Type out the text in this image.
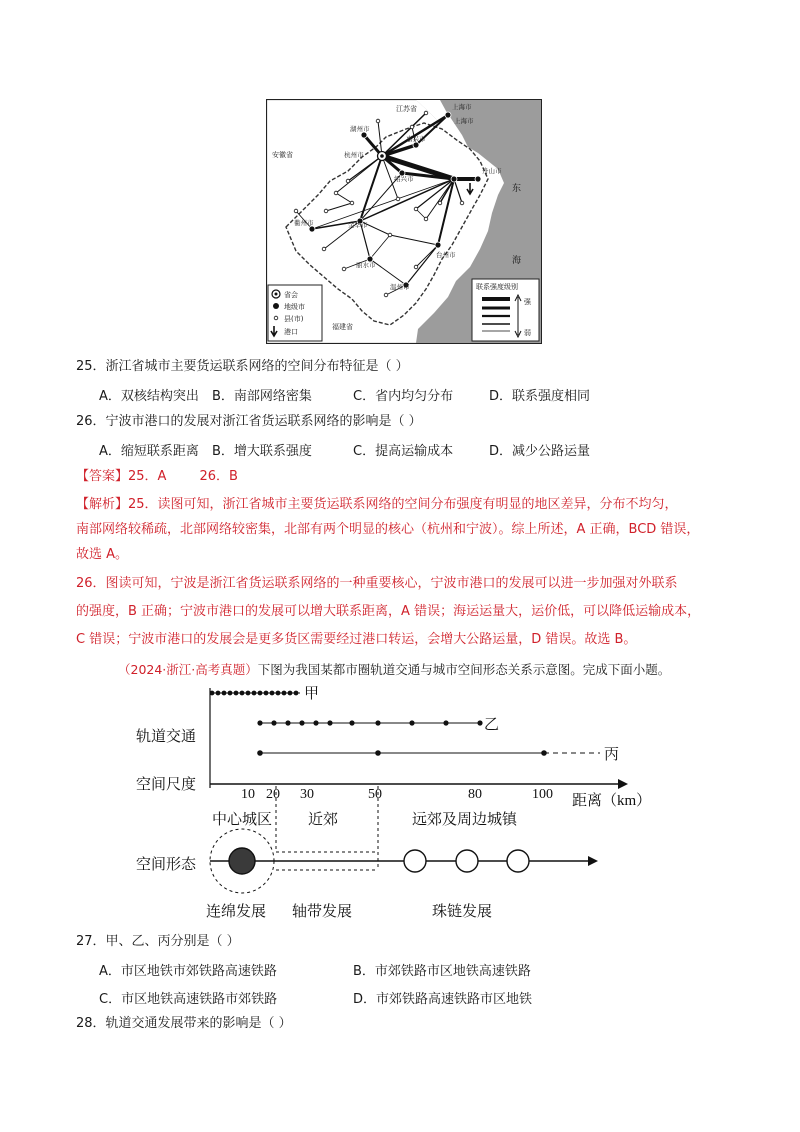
江苏省	上海市
上海市
安徽省
湖州市
嘉兴市
杭州市
绍兴市
舟山市
衢州市	金华市
台州市
丽水市
温州市
福建省
东
海
省会
地级市
县(市)
港口
联系强度级别
强
弱
25．浙江省城市主要货运联系网络的空间分布特征是（ ）
A．双核结构突出 B．南部网络密集	C．省内均匀分布	D．联系强度相同
26．宁波市港口的发展对浙江省货运联系网络的影响是（ ）
A．缩短联系距离 B．增大联系强度	C．提高运输成本	D．减少公路运量
【答案】25．A        26．B
【解析】25．读图可知，浙江省城市主要货运联系网络的空间分布强度有明显的地区差异，分布不均匀，
南部网络较稀疏，北部网络较密集，北部有两个明显的核心（杭州和宁波）。综上所述，A 正确，BCD 错误，
故选 A。
26．图读可知，宁波是浙江省货运联系网络的一种重要核心，宁波市港口的发展可以进一步加强对外联系
的强度，B 正确；宁波市港口的发展可以增大联系距离，A 错误；海运运量大，运价低，可以降低运输成本，
C 错误；宁波市港口的发展会是更多货区需要经过港口转运，会增大公路运量，D 错误。故选 B。
（2024·浙江·高考真题）下图为我国某都市圈轨道交通与城市空间形态关系示意图。完成下面小题。
甲
乙
丙
轨道交通
空间尺度
空间形态
10 20 30	50	80	100 距离（km）
中心城区 近郊	远郊及周边城镇
连绵发展 轴带发展	珠链发展
27．甲、乙、丙分别是（ ）
A．市区地铁市郊铁路高速铁路	B．市郊铁路市区地铁高速铁路
C．市区地铁高速铁路市郊铁路	D．市郊铁路高速铁路市区地铁
28．轨道交通发展带来的影响是（ ）
